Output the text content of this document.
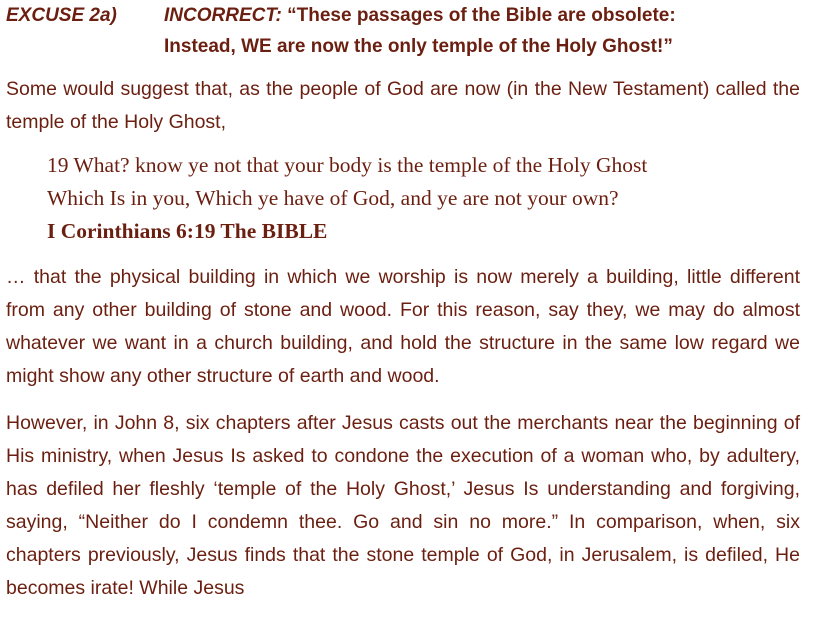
EXCUSE 2a) INCORRECT: “These passages of the Bible are obsolete:
Instead, WE are now the only temple of the Holy Ghost!”

Some would suggest that, as the people of God are now (in the New Testament) called the temple of the Holy Ghost,

19 What? know ye not that your body is the temple of the Holy Ghost
Which Is in you, Which ye have of God, and ye are not your own?
I Corinthians 6:19 The BIBLE

… that the physical building in which we worship is now merely a building, little different from any other building of stone and wood. For this reason, say they, we may do almost whatever we want in a church building, and hold the structure in the same low regard we might show any other structure of earth and wood.

However, in John 8, six chapters after Jesus casts out the merchants near the beginning of His ministry, when Jesus Is asked to condone the execution of a woman who, by adultery, has defiled her fleshly ‘temple of the Holy Ghost,’ Jesus Is understanding and forgiving, saying, “Neither do I condemn thee. Go and sin no more.” In comparison, when, six chapters previously, Jesus finds that the stone temple of God, in Jerusalem, is defiled, He becomes irate! While Jesus
